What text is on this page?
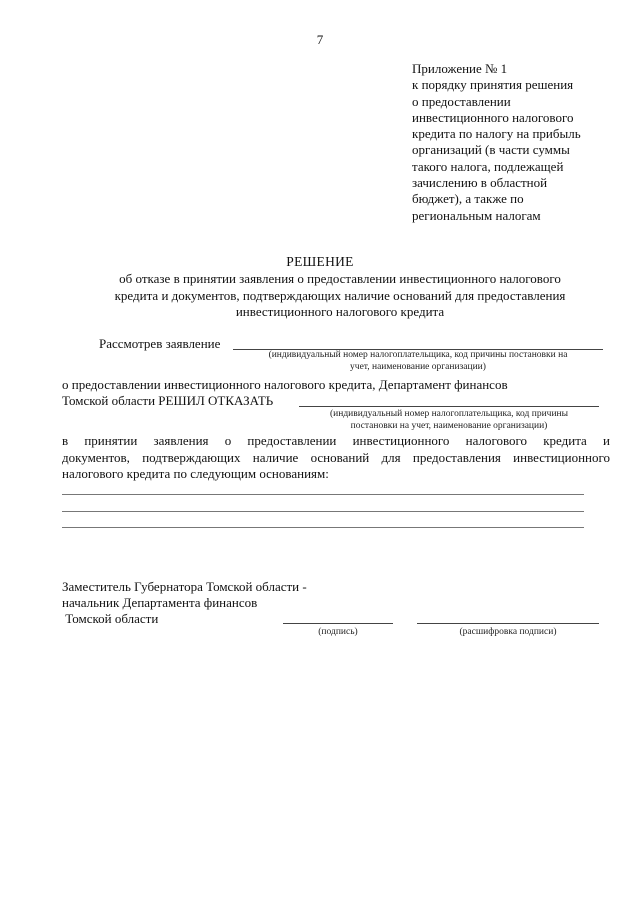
7
Приложение № 1
к порядку принятия решения
о предоставлении
инвестиционного налогового
кредита по налогу на прибыль
организаций (в части суммы
такого налога, подлежащей
зачислению в областной
бюджет), а также по
региональным налогам
РЕШЕНИЕ
об отказе в принятии заявления о предоставлении инвестиционного налогового
кредита и документов, подтверждающих наличие оснований для предоставления
инвестиционного налогового кредита
Рассмотрев заявление
(индивидуальный номер налогоплательщика, код причины постановки на
учет, наименование организации)
о предоставлении инвестиционного налогового кредита, Департамент финансов
Томской области РЕШИЛ ОТКАЗАТЬ
(индивидуальный номер налогоплательщика, код причины
постановки на учет, наименование организации)
в принятии заявления о предоставлении инвестиционного налогового кредита и
документов, подтверждающих наличие оснований для предоставления инвестиционного
налогового кредита по следующим основаниям:
Заместитель Губернатора Томской области -
начальник Департамента финансов
Томской области
(подпись)	(расшифровка подписи)
